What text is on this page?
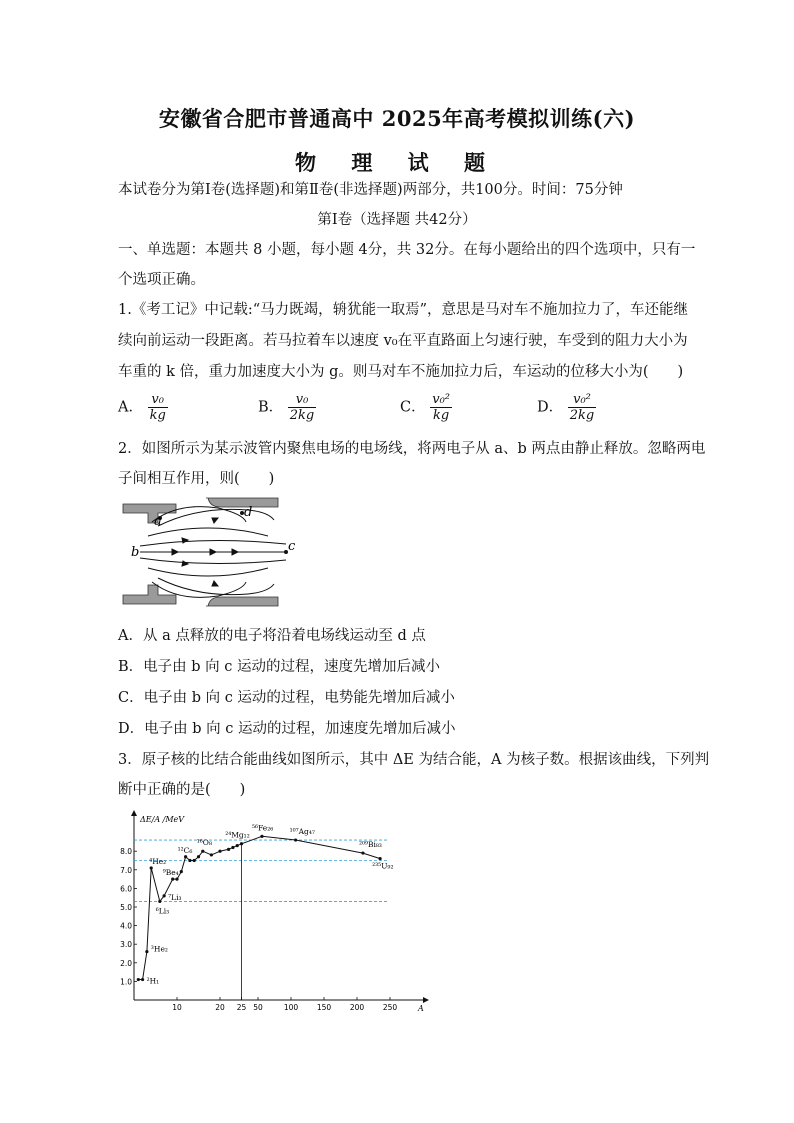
安徽省合肥市普通高中 2025年高考模拟训练(六)
物 理 试 题
本试卷分为第Ⅰ卷(选择题)和第Ⅱ卷(非选择题)两部分，共100分。时间：75分钟
第Ⅰ卷（选择题 共42分）
一、单选题：本题共 8 小题，每小题 4分，共 32分。在每小题给出的四个选项中，只有一
个选项正确。
1.《考工记》中记载:“马力既竭，辀犹能一取焉”，意思是马对车不施加拉力了，车还能继
续向前运动一段距离。若马拉着车以速度 v₀在平直路面上匀速行驶，车受到的阻力大小为
车重的 k 倍，重力加速度大小为 g。则马对车不施加拉力后，车运动的位移大小为(　　)
A． $\frac{\text{v₀}}{kg}$	B． $\frac{\text{v₀}}{2kg}$	C． $\frac{\text{v₀²}}{kg}$	D． $\frac{\text{v₀²}}{2kg}$
2．如图所示为某示波管内聚焦电场的电场线，将两电子从 a、b 两点由静止释放。忽略两电
子间相互作用，则(　　)
a
d
b	c
A．从 a 点释放的电子将沿着电场线运动至 d 点
B．电子由 b 向 c 运动的过程，速度先增加后减小
C．电子由 b 向 c 运动的过程，电势能先增加后减小
D．电子由 b 向 c 运动的过程，加速度先增加后减小
3．原子核的比结合能曲线如图所示，其中 ΔE 为结合能，A 为核子数。根据该曲线，下列判
断中正确的是(　　)
ΔE/A /MeV
A
1.0
2.0
3.0
4.0
5.0
6.0
7.0
8.0
10	20 25 50	100 150 200 250
²H₁
³He₂
⁴He₂
⁶Li₃
⁷Li₃
⁹Be₄
¹²C₆
¹⁶O₈
²⁴Mg₁₂
⁵⁶Fe₂₆ ¹⁰⁷Ag₄₇
²⁰⁹Bi₈₃
²³⁵U₉₂
